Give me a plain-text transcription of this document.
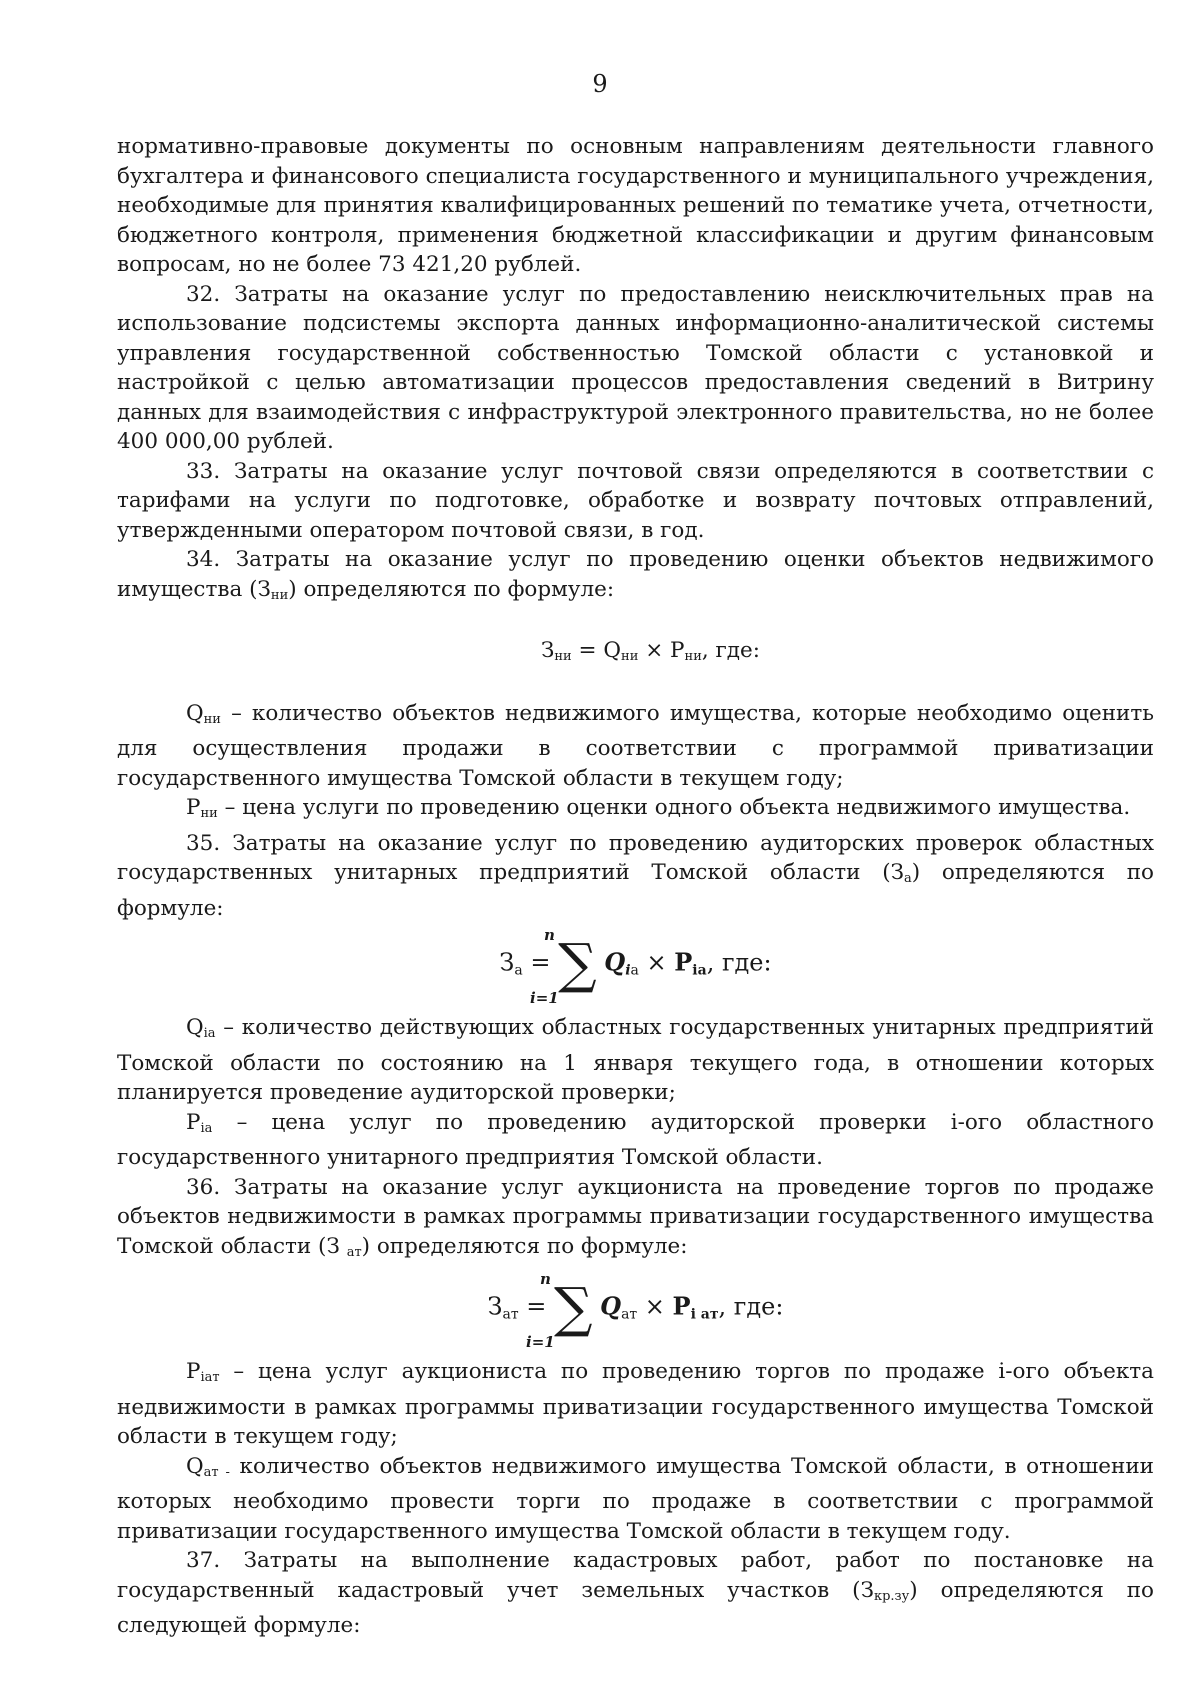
9

нормативно-правовые документы по основным направлениям деятельности главного бухгалтера и финансового специалиста государственного и муниципального учреждения, необходимые для принятия квалифицированных решений по тематике учета, отчетности, бюджетного контроля, применения бюджетной классификации и другим финансовым вопросам, но не более 73 421,20 рублей.

32. Затраты на оказание услуг по предоставлению неисключительных прав на использование подсистемы экспорта данных информационно-аналитической системы управления государственной собственностью Томской области с установкой и настройкой с целью автоматизации процессов предоставления сведений в Витрину данных для взаимодействия с инфраструктурой электронного правительства, но не более 400 000,00 рублей.

33. Затраты на оказание услуг почтовой связи определяются в соответствии с тарифами на услуги по подготовке, обработке и возврату почтовых отправлений, утвержденными оператором почтовой связи, в год.

34. Затраты на оказание услуг по проведению оценки объектов недвижимого имущества $(З_{ни})$ определяются по формуле:

$З_{ни} = Q_{ни} \times Р_{ни}$, где:

$Q_{ни}$ – количество объектов недвижимого имущества, которые необходимо оценить для осуществления продажи в соответствии с программой приватизации государственного имущества Томской области в текущем году;

$Р_{ни}$ – цена услуги по проведению оценки одного объекта недвижимого имущества.

35. Затраты на оказание услуг по проведению аудиторских проверок областных государственных унитарных предприятий Томской области $(З_а)$ определяются по формуле:

n
i=1
За = ∑ Qiа × Piа, где:

$Q_{iа}$ – количество действующих областных государственных унитарных предприятий Томской области по состоянию на 1 января текущего года, в отношении которых планируется проведение аудиторской проверки;

$Р_{iа}$ – цена услуг по проведению аудиторской проверки i-ого областного государственного унитарного предприятия Томской области.

36. Затраты на оказание услуг аукциониста на проведение торгов по продаже объектов недвижимости в рамках программы приватизации государственного имущества Томской области (З $_{ат}$) определяются по формуле:

n
i=1
Зат = ∑ Qат × Pi ат, где:

$Р_{iат}$ – цена услуг аукциониста по проведению торгов по продаже i-ого объекта недвижимости в рамках программы приватизации государственного имущества Томской области в текущем году;

$Q_{ат -}$ количество объектов недвижимого имущества Томской области, в отношении которых необходимо провести торги по продаже в соответствии с программой приватизации государственного имущества Томской области в текущем году.

37. Затраты на выполнение кадастровых работ, работ по постановке на государственный кадастровый учет земельных участков $(З_{кр.зу})$ определяются по следующей формуле:
